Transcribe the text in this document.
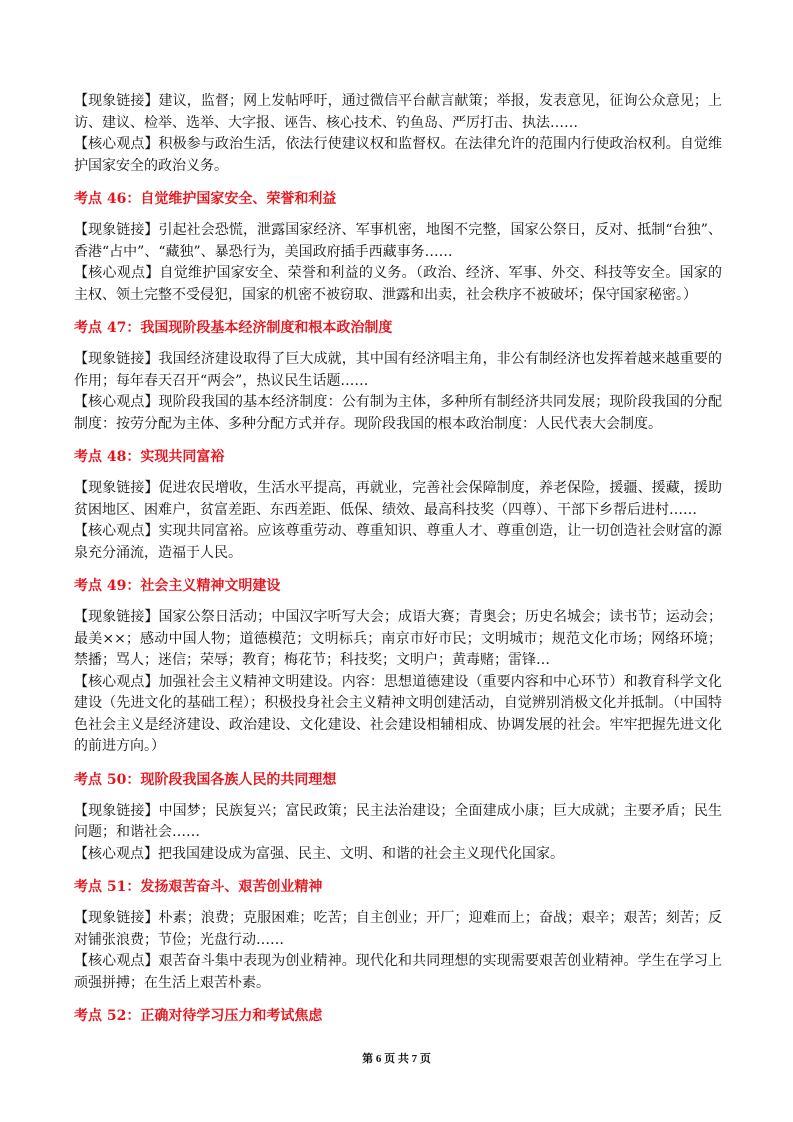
【现象链接】建议，监督；网上发帖呼吁，通过微信平台献言献策；举报，发表意见，征询公众意见；上访、建议、检举、选举、大字报、诬告、核心技术、钓鱼岛、严厉打击、执法……

【核心观点】积极参与政治生活，依法行使建议权和监督权。在法律允许的范围内行使政治权利。自觉维护国家安全的政治义务。

考点 46：自觉维护国家安全、荣誉和利益

【现象链接】引起社会恐慌，泄露国家经济、军事机密，地图不完整，国家公祭日，反对、抵制“台独”、香港“占中”、“藏独”、暴恐行为，美国政府插手西藏事务……

【核心观点】自觉维护国家安全、荣誉和利益的义务。（政治、经济、军事、外交、科技等安全。国家的主权、领土完整不受侵犯，国家的机密不被窃取、泄露和出卖，社会秩序不被破坏；保守国家秘密。）

考点 47：我国现阶段基本经济制度和根本政治制度

【现象链接】我国经济建设取得了巨大成就，其中国有经济唱主角，非公有制经济也发挥着越来越重要的作用；每年春天召开“两会”，热议民生话题……

【核心观点】现阶段我国的基本经济制度：公有制为主体，多种所有制经济共同发展；现阶段我国的分配制度：按劳分配为主体、多种分配方式并存。现阶段我国的根本政治制度：人民代表大会制度。

考点 48：实现共同富裕

【现象链接】促进农民增收，生活水平提高，再就业，完善社会保障制度，养老保险，援疆、援藏，援助贫困地区、困难户，贫富差距、东西差距、低保、绩效、最高科技奖（四尊）、干部下乡帮后进村……

【核心观点】实现共同富裕。应该尊重劳动、尊重知识、尊重人才、尊重创造，让一切创造社会财富的源泉充分涌流，造福于人民。

考点 49：社会主义精神文明建设

【现象链接】国家公祭日活动；中国汉字听写大会；成语大赛；青奥会；历史名城会；读书节；运动会；最美××；感动中国人物；道德模范；文明标兵；南京市好市民；文明城市；规范文化市场；网络环境；禁播；骂人；迷信；荣辱；教育；梅花节；科技奖；文明户；黄毒赌；雷锋…

【核心观点】加强社会主义精神文明建设。内容：思想道德建设（重要内容和中心环节）和教育科学文化建设（先进文化的基础工程）；积极投身社会主义精神文明创建活动，自觉辨别消极文化并抵制。（中国特色社会主义是经济建设、政治建设、文化建设、社会建设相辅相成、协调发展的社会。牢牢把握先进文化的前进方向。）

考点 50：现阶段我国各族人民的共同理想

【现象链接】中国梦；民族复兴；富民政策；民主法治建设；全面建成小康；巨大成就；主要矛盾；民生问题；和谐社会……

【核心观点】把我国建设成为富强、民主、文明、和谐的社会主义现代化国家。

考点 51：发扬艰苦奋斗、艰苦创业精神

【现象链接】朴素；浪费；克服困难；吃苦；自主创业；开厂；迎难而上；奋战；艰辛；艰苦；刻苦；反对铺张浪费；节俭；光盘行动……

【核心观点】艰苦奋斗集中表现为创业精神。现代化和共同理想的实现需要艰苦创业精神。学生在学习上顽强拼搏；在生活上艰苦朴素。

考点 52：正确对待学习压力和考试焦虑
第 6 页 共 7 页
